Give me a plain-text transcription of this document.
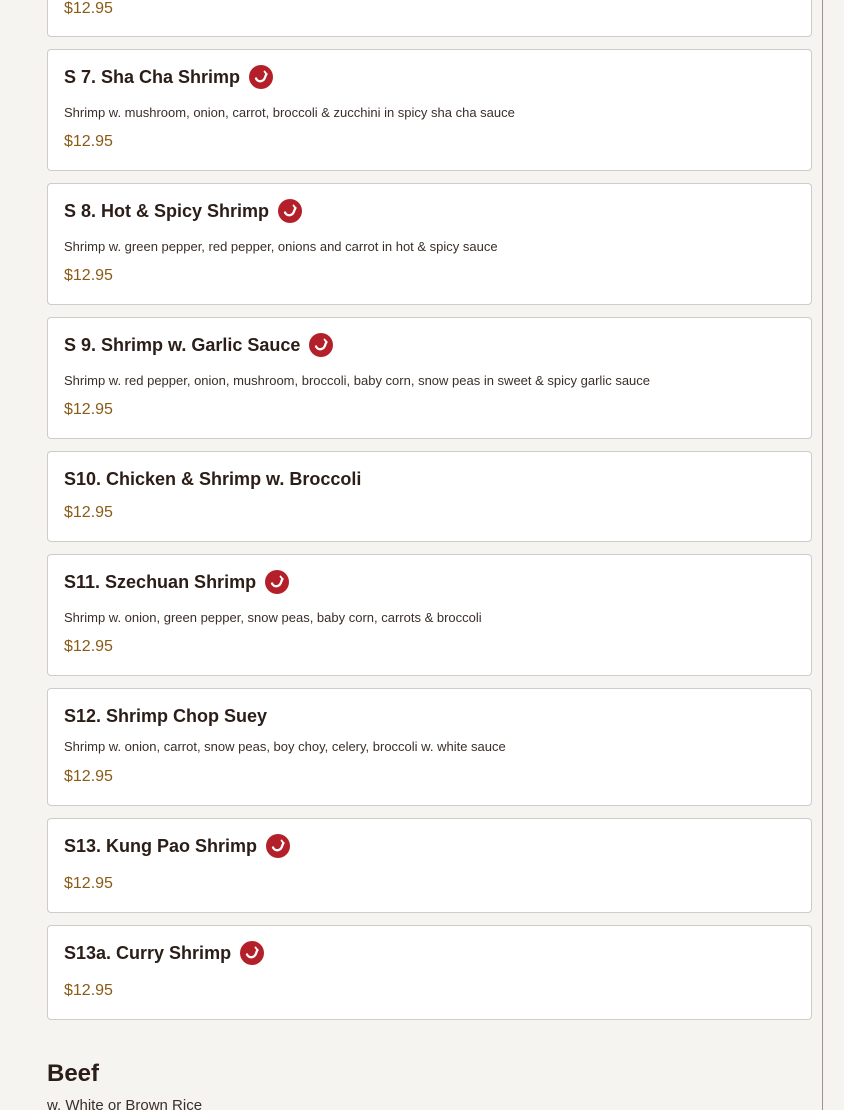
$12.95
S 7. Sha Cha Shrimp
Shrimp w. mushroom, onion, carrot, broccoli & zucchini in spicy sha cha sauce
$12.95
S 8. Hot & Spicy Shrimp
Shrimp w. green pepper, red pepper, onions and carrot in hot & spicy sauce
$12.95
S 9. Shrimp w. Garlic Sauce
Shrimp w. red pepper, onion, mushroom, broccoli, baby corn, snow peas in sweet & spicy garlic sauce
$12.95
S10. Chicken & Shrimp w. Broccoli
$12.95
S11. Szechuan Shrimp
Shrimp w. onion, green pepper, snow peas, baby corn, carrots & broccoli
$12.95
S12. Shrimp Chop Suey
Shrimp w. onion, carrot, snow peas, boy choy, celery, broccoli w. white sauce
$12.95
S13. Kung Pao Shrimp
$12.95
S13a. Curry Shrimp
$12.95
Beef
w. White or Brown Rice
